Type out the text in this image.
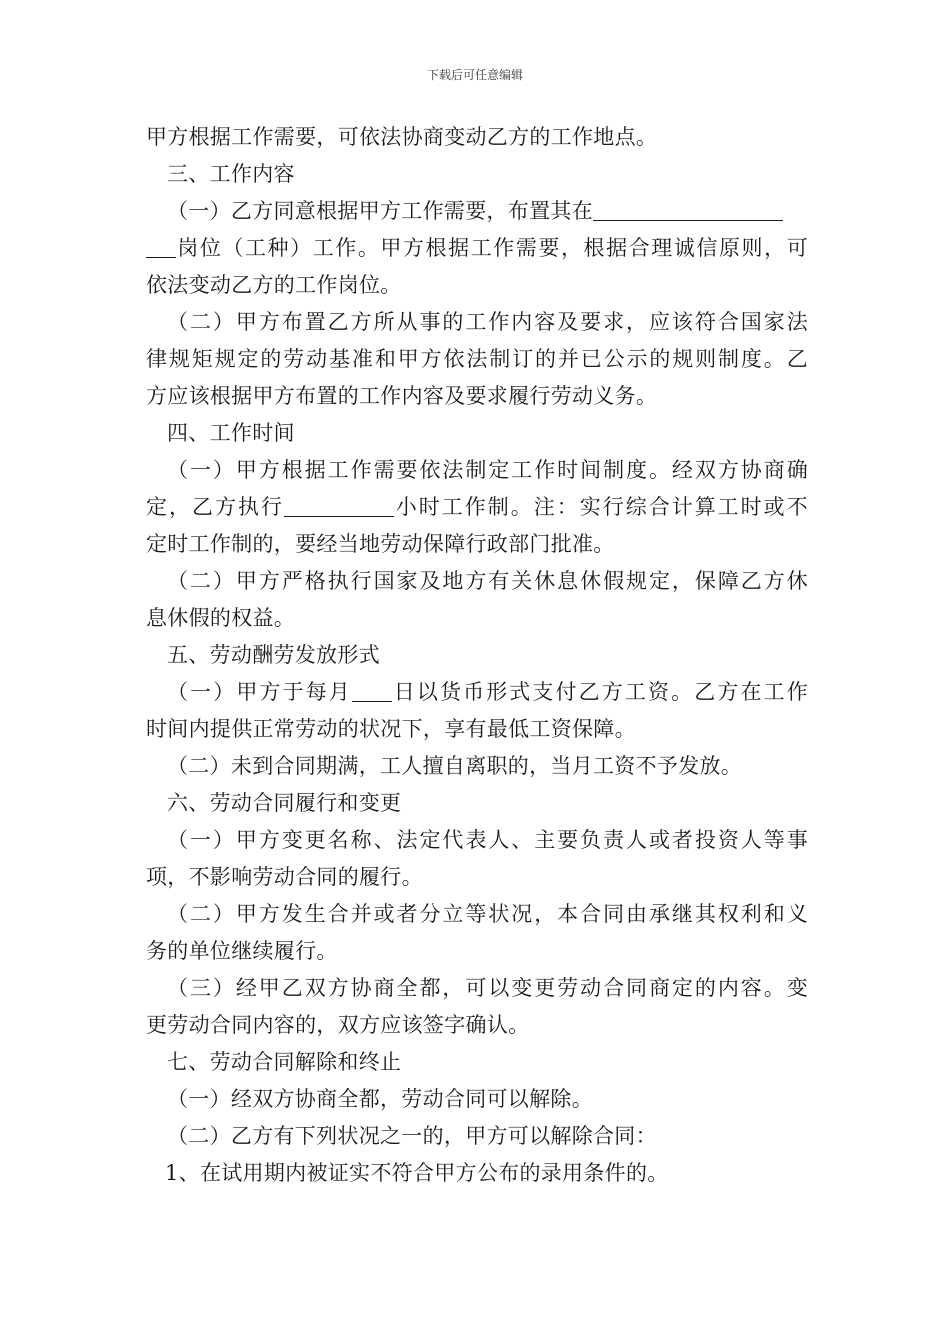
下载后可任意编辑
甲方根据工作需要，可依法协商变动乙方的工作地点。
三、工作内容
（一）乙方同意根据甲方工作需要，布置其在
岗位（工种）工作。甲方根据工作需要，根据合理诚信原则，可
依法变动乙方的工作岗位。
（二）甲方布置乙方所从事的工作内容及要求，应该符合国家法
律规矩规定的劳动基准和甲方依法制订的并已公示的规则制度。乙
方应该根据甲方布置的工作内容及要求履行劳动义务。
四、工作时间
（一）甲方根据工作需要依法制定工作时间制度。经双方协商确
定，乙方执行	小时工作制。注：实行综合计算工时或不
定时工作制的，要经当地劳动保障行政部门批准。
（二）甲方严格执行国家及地方有关休息休假规定，保障乙方休
息休假的权益。
五、劳动酬劳发放形式
（一）甲方于每月 日以货币形式支付乙方工资。乙方在工作
时间内提供正常劳动的状况下，享有最低工资保障。
（二）未到合同期满，工人擅自离职的，当月工资不予发放。
六、劳动合同履行和变更
（一）甲方变更名称、法定代表人、主要负责人或者投资人等事
项，不影响劳动合同的履行。
（二）甲方发生合并或者分立等状况，本合同由承继其权利和义
务的单位继续履行。
（三）经甲乙双方协商全都，可以变更劳动合同商定的内容。变
更劳动合同内容的，双方应该签字确认。
七、劳动合同解除和终止
（一）经双方协商全都，劳动合同可以解除。
（二）乙方有下列状况之一的，甲方可以解除合同：
1、在试用期内被证实不符合甲方公布的录用条件的。
